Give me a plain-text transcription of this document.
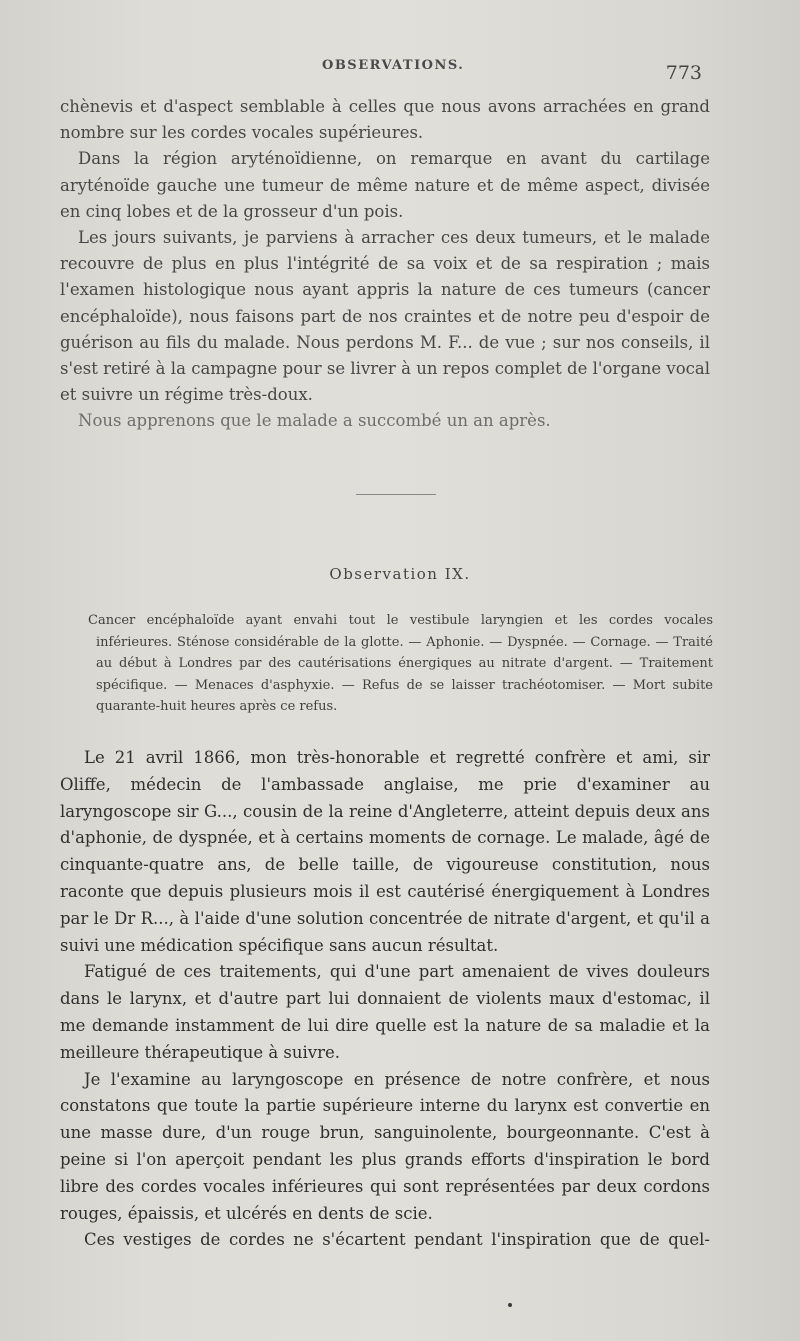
OBSERVATIONS.	773

chènevis et d'aspect semblable à celles que nous avons arrachées en grand nombre sur les cordes vocales supérieures.

Dans la région aryténoïdienne, on remarque en avant du cartilage aryténoïde gauche une tumeur de même nature et de même aspect, divisée en cinq lobes et de la grosseur d'un pois.

Les jours suivants, je parviens à arracher ces deux tumeurs, et le malade recouvre de plus en plus l'intégrité de sa voix et de sa respiration ; mais l'examen histologique nous ayant appris la nature de ces tumeurs (cancer encéphaloïde), nous faisons part de nos craintes et de notre peu d'espoir de guérison au fils du malade. Nous perdons M. F... de vue ; sur nos conseils, il s'est retiré à la campagne pour se livrer à un repos complet de l'organe vocal et suivre un régime très-doux.

Nous apprenons que le malade a succombé un an après.

Observation IX.
Cancer encéphaloïde ayant envahi tout le vestibule laryngien et les cordes vocales inférieures. Sténose considérable de la glotte. — Aphonie. — Dyspnée. — Cornage. — Traité au début à Londres par des cautérisations énergiques au nitrate d'argent. — Traitement spécifique. — Menaces d'asphyxie. — Refus de se laisser trachéotomiser. — Mort subite quarante-huit heures après ce refus.

Le 21 avril 1866, mon très-honorable et regretté confrère et ami, sir Oliffe, médecin de l'ambassade anglaise, me prie d'examiner au laryngoscope sir G..., cousin de la reine d'Angleterre, atteint depuis deux ans d'aphonie, de dyspnée, et à certains moments de cornage. Le malade, âgé de cinquante-quatre ans, de belle taille, de vigoureuse constitution, nous raconte que depuis plusieurs mois il est cautérisé énergiquement à Londres par le Dr R..., à l'aide d'une solution concentrée de nitrate d'argent, et qu'il a suivi une médication spécifique sans aucun résultat.

Fatigué de ces traitements, qui d'une part amenaient de vives douleurs dans le larynx, et d'autre part lui donnaient de violents maux d'estomac, il me demande instamment de lui dire quelle est la nature de sa maladie et la meilleure thérapeutique à suivre.

Je l'examine au laryngoscope en présence de notre confrère, et nous constatons que toute la partie supérieure interne du larynx est convertie en une masse dure, d'un rouge brun, sanguinolente, bourgeonnante. C'est à peine si l'on aperçoit pendant les plus grands efforts d'inspiration le bord libre des cordes vocales inférieures qui sont représentées par deux cordons rouges, épaissis, et ulcérés en dents de scie.

Ces vestiges de cordes ne s'écartent pendant l'inspiration que de quel-
